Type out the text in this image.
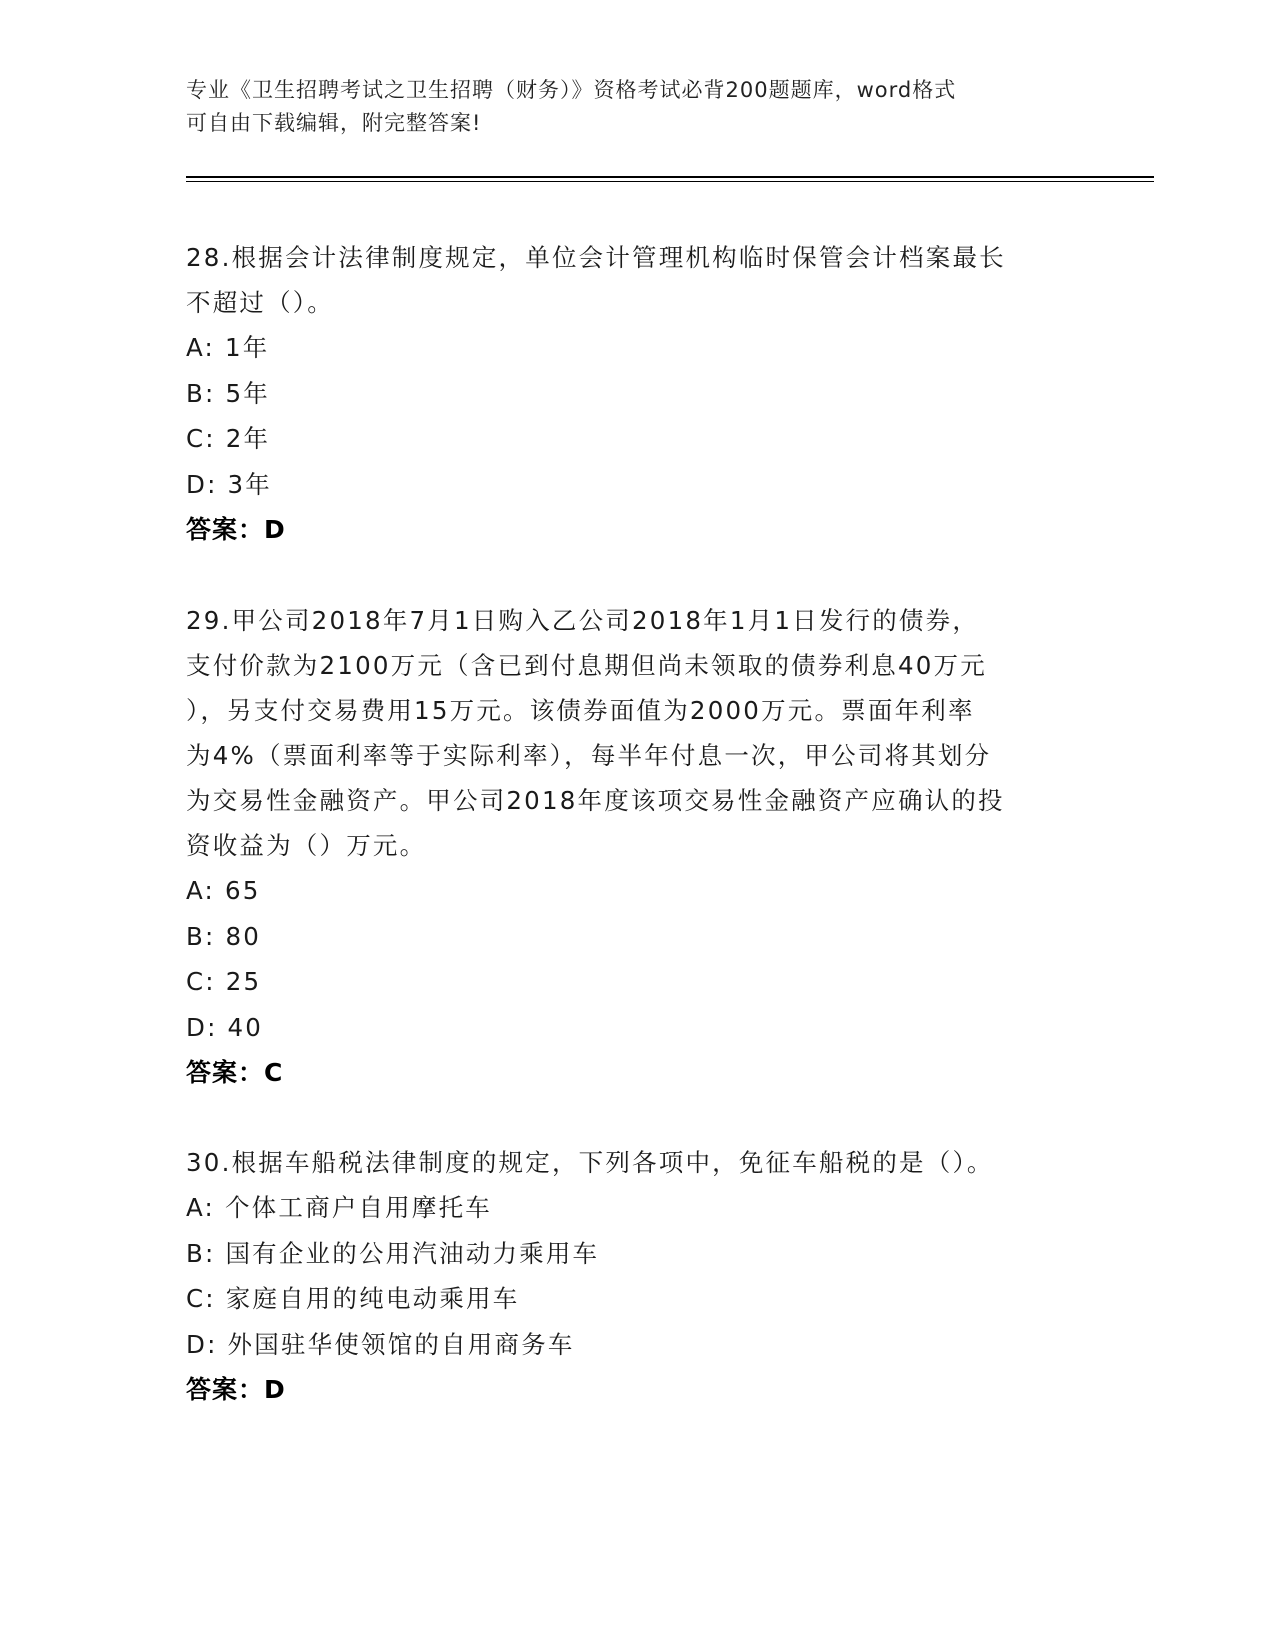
专业《卫生招聘考试之卫生招聘（财务）》资格考试必背200题题库，word格式
可自由下载编辑，附完整答案!

28.根据会计法律制度规定，单位会计管理机构临时保管会计档案最长

不超过（）。

A: 1年

B: 5年

C: 2年

D: 3年

答案：D

29.甲公司2018年7月1日购入乙公司2018年1月1日发行的债券，

支付价款为2100万元（含已到付息期但尚未领取的债券利息40万元

），另支付交易费用15万元。该债券面值为2000万元。票面年利率

为4%（票面利率等于实际利率），每半年付息一次，甲公司将其划分

为交易性金融资产。甲公司2018年度该项交易性金融资产应确认的投

资收益为（）万元。

A: 65

B: 80

C: 25

D: 40

答案：C

30.根据车船税法律制度的规定，下列各项中，免征车船税的是（）。

A: 个体工商户自用摩托车

B: 国有企业的公用汽油动力乘用车

C: 家庭自用的纯电动乘用车

D: 外国驻华使领馆的自用商务车

答案：D
